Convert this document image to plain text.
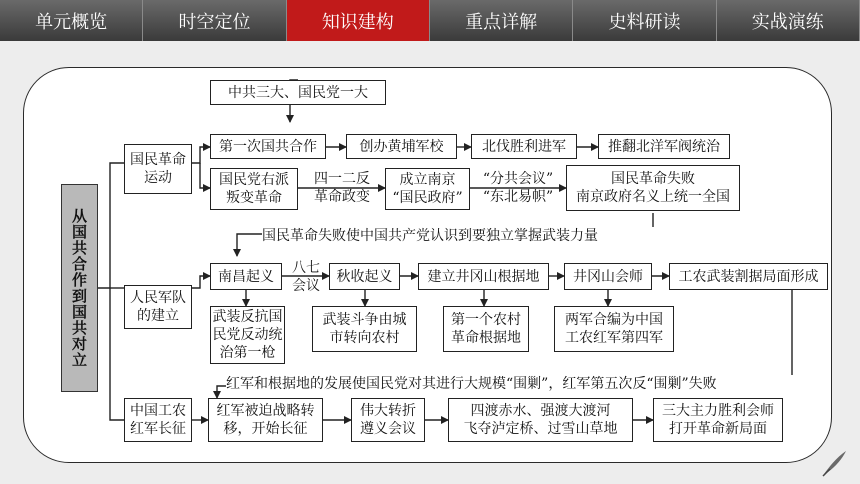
单元概览	时空定位	知识建构	重点详解	史料研读	实战演练
从国共合作到国共对立
国民革命
运动
中共三大、国民党一大
第一次国共合作	创办黄埔军校	北伐胜利进军	推翻北洋军阀统治
国民党右派
叛变革命
四一二反
革命政变
成立南京
“国民政府”
“分共会议”
“东北易帜”
国民革命失败
南京政府名义上统一全国
国民革命失败使中国共产党认识到要独立掌握武装力量
人民军队
的建立
南昌起义
八七
会议
秋收起义	建立井冈山根据地	井冈山会师	工农武装割据局面形成
武装反抗国
民党反动统
治第一枪
武装斗争由城
市转向农村
第一个农村
革命根据地
两军合编为中国
工农红军第四军
红军和根据地的发展使国民党对其进行大规模“围剿”，红军第五次反“围剿”失败
中国工农
红军长征
红军被迫战略转
移，开始长征
伟大转折
遵义会议
四渡赤水、强渡大渡河
飞夺泸定桥、过雪山草地
三大主力胜利会师
打开革命新局面
